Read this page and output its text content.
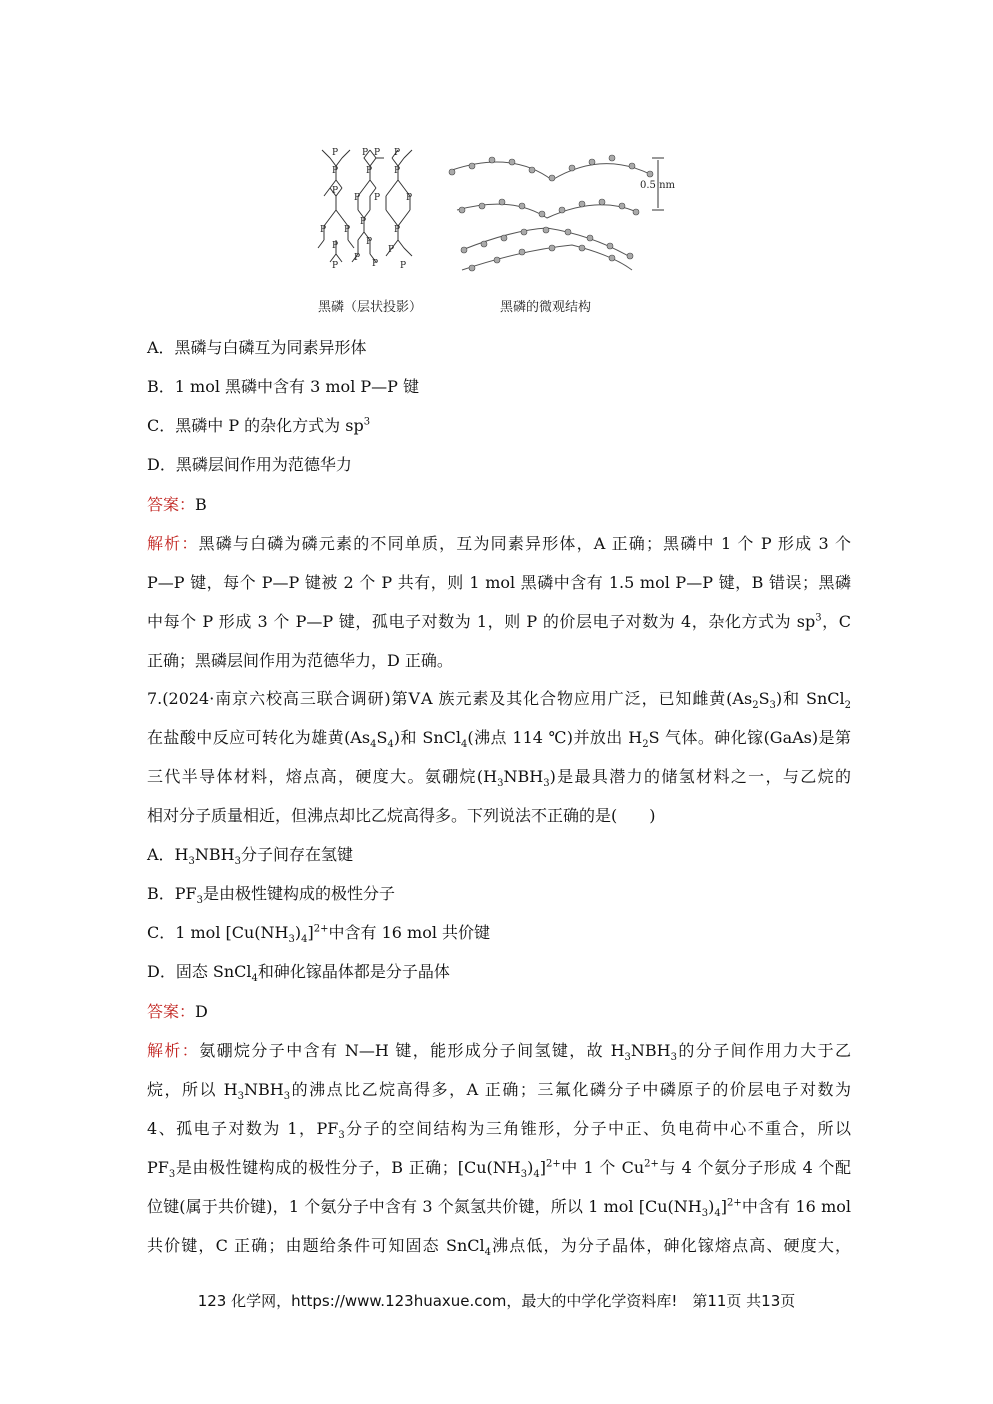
P	P P P
P	P P
P
P P	P
P P
P
P
P	P
P
P
P
P	P
0.5 nm
黑磷（层状投影）	黑磷的微观结构
A．黑磷与白磷互为同素异形体
B．1 mol 黑磷中含有 3 mol P—P 键
C．黑磷中 P 的杂化方式为 $sp^3$
D．黑磷层间作用为范德华力
答案：B
解析：黑磷与白磷为磷元素的不同单质，互为同素异形体，A 正确；黑磷中 1 个 P 形成 3 个
P—P 键，每个 P—P 键被 2 个 P 共有，则 1 mol 黑磷中含有 1.5 mol P—P 键，B 错误；黑磷
中每个 P 形成 3 个 P—P 键，孤电子对数为 1，则 P 的价层电子对数为 4，杂化方式为 $sp^3$，C
正确；黑磷层间作用为范德华力，D 正确。
7.(2024·南京六校高三联合调研)第ⅤA 族元素及其化合物应用广泛，已知雌黄$(As_2S_3)$和 SnCl$_2$
在盐酸中反应可转化为雄黄$(As_4S_4)$和 SnCl$_4$(沸点 114 ℃)并放出 $H_2S$ 气体。砷化镓(GaAs)是第
三代半导体材料，熔点高，硬度大。氨硼烷$(H_3NBH_3)$是最具潜力的储氢材料之一，与乙烷的
相对分子质量相近，但沸点却比乙烷高得多。下列说法不正确的是(　　)
A．$H_3NBH_3$分子间存在氢键
B．$PF_3$是由极性键构成的极性分子
C．1 mol $[Cu(NH_3)_4]^{2+}$中含有 16 mol 共价键
D．固态 SnCl$_4$和砷化镓晶体都是分子晶体
答案：D
解析：氨硼烷分子中含有 N—H 键，能形成分子间氢键，故 $H_3NBH_3$的分子间作用力大于乙
烷，所以 $H_3NBH_3$的沸点比乙烷高得多，A 正确；三氟化磷分子中磷原子的价层电子对数为
4、孤电子对数为 1，$PF_3$分子的空间结构为三角锥形，分子中正、负电荷中心不重合，所以
$PF_3$是由极性键构成的极性分子，B 正确；$[Cu(NH_3)_4]^{2+}$中 1 个 $Cu^{2+}$与 4 个氨分子形成 4 个配
位键(属于共价键)，1 个氨分子中含有 3 个氮氢共价键，所以 1 mol $[Cu(NH_3)_4]^{2+}$中含有 16 mol
共价键，C 正确；由题给条件可知固态 SnCl$_4$沸点低，为分子晶体，砷化镓熔点高、硬度大，
123 化学网，https://www.123huaxue.com，最大的中学化学资料库!　第11页 共13页
